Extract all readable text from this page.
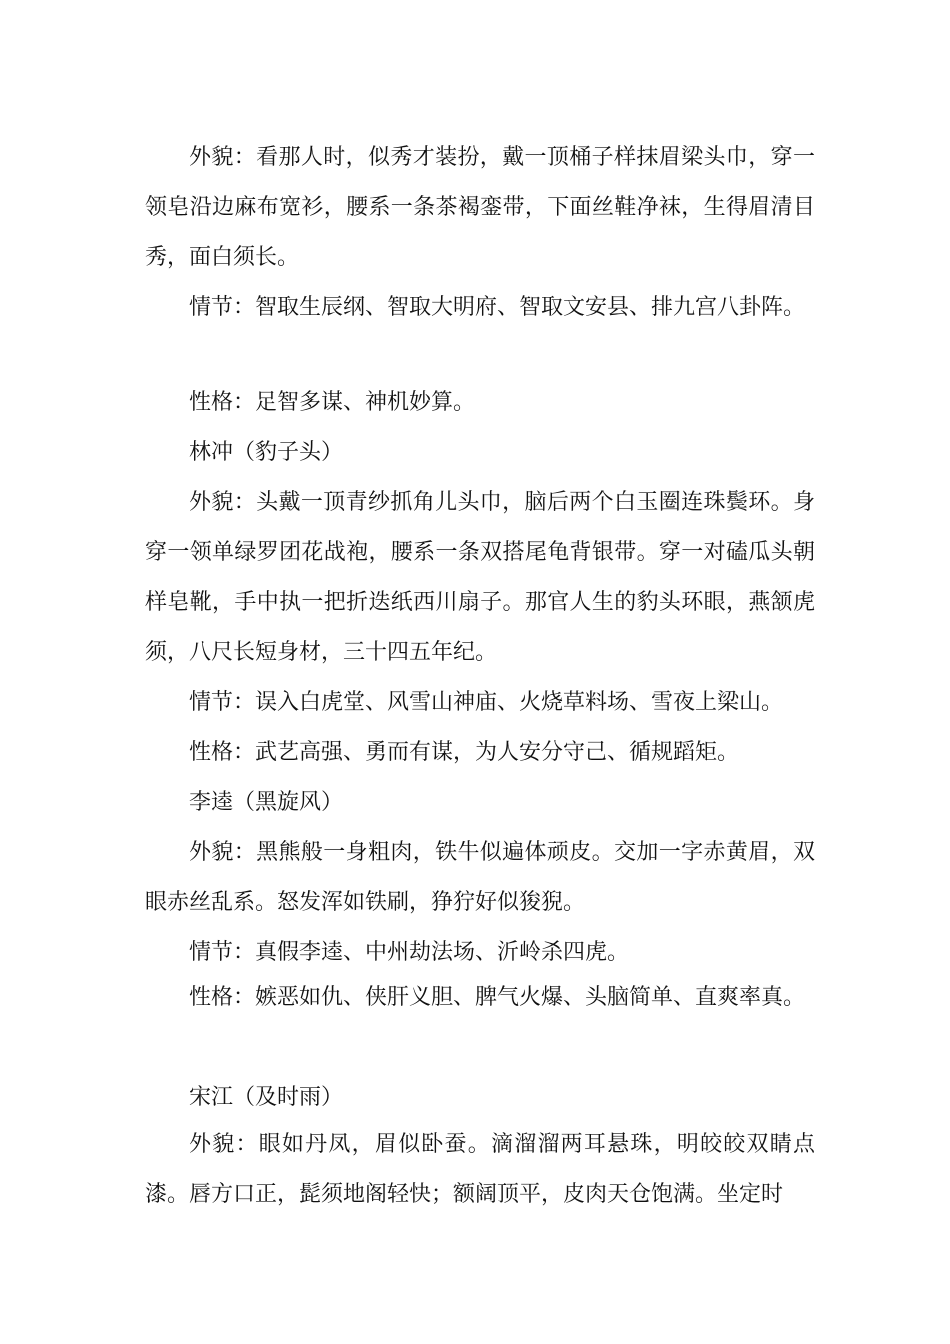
外貌：看那人时，似秀才装扮，戴一顶桶子样抹眉梁头巾，穿一领皂沿边麻布宽衫，腰系一条茶褐銮带，下面丝鞋净袜，生得眉清目秀，面白须长。

情节：智取生辰纲、智取大明府、智取文安县、排九宫八卦阵。

性格：足智多谋、神机妙算。

林冲（豹子头）

外貌：头戴一顶青纱抓角儿头巾，脑后两个白玉圈连珠鬓环。身穿一领单绿罗团花战袍，腰系一条双搭尾龟背银带。穿一对磕瓜头朝样皂靴，手中执一把折迭纸西川扇子。那官人生的豹头环眼，燕颔虎须，八尺长短身材，三十四五年纪。

情节：误入白虎堂、风雪山神庙、火烧草料场、雪夜上梁山。

性格：武艺高强、勇而有谋，为人安分守己、循规蹈矩。

李逵（黑旋风）

外貌：黑熊般一身粗肉，铁牛似遍体顽皮。交加一字赤黄眉，双眼赤丝乱系。怒发浑如铁刷，狰狞好似狻猊。

情节：真假李逵、中州劫法场、沂岭杀四虎。

性格：嫉恶如仇、侠肝义胆、脾气火爆、头脑简单、直爽率真。

宋江（及时雨）

外貌：眼如丹凤，眉似卧蚕。滴溜溜两耳悬珠，明皎皎双睛点漆。唇方口正，髭须地阁轻快；额阔顶平，皮肉天仓饱满。坐定时
